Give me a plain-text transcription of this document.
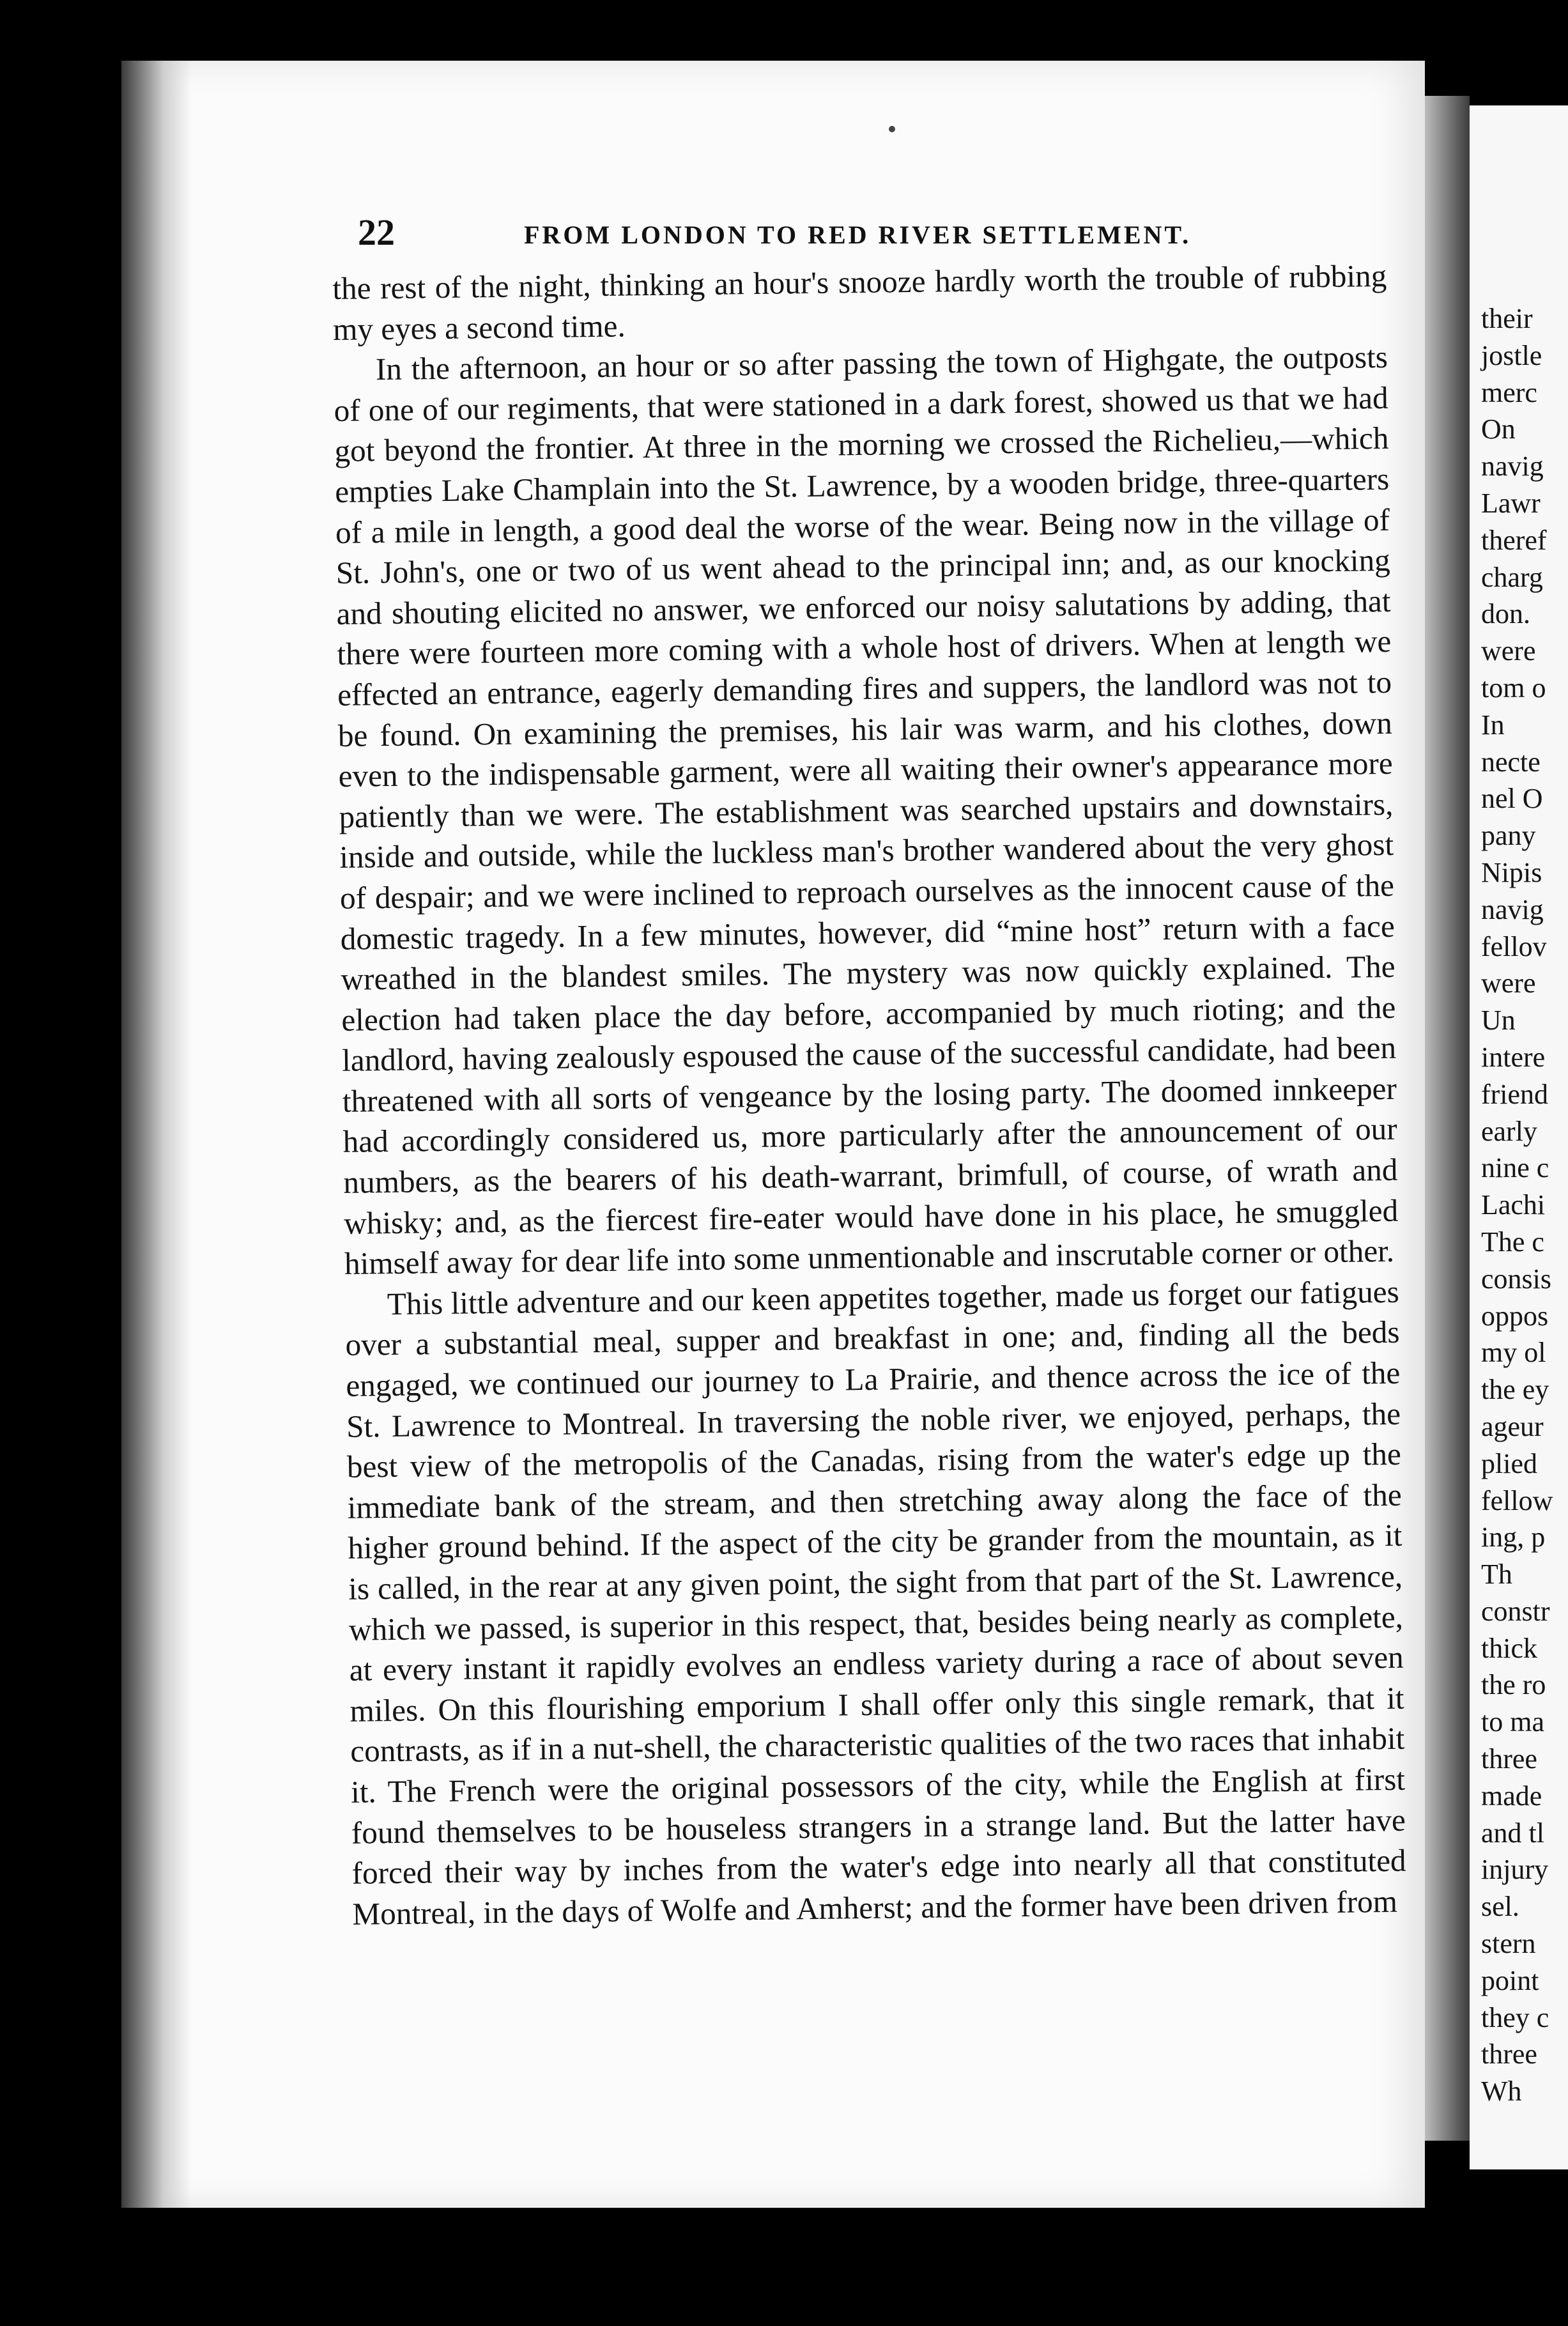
22	FROM LONDON TO RED RIVER SETTLEMENT.

the rest of the night, thinking an hour's snooze hardly worth the trouble of rubbing my eyes a second time.

In the afternoon, an hour or so after passing the town of Highgate, the outposts of one of our regiments, that were stationed in a dark forest, showed us that we had got beyond the frontier. At three in the morning we crossed the Richelieu,—which empties Lake Champlain into the St. Lawrence, by a wooden bridge, three-quarters of a mile in length, a good deal the worse of the wear. Being now in the village of St. John's, one or two of us went ahead to the principal inn; and, as our knocking and shouting elicited no answer, we enforced our noisy salutations by adding, that there were fourteen more coming with a whole host of drivers. When at length we effected an entrance, eagerly demanding fires and suppers, the landlord was not to be found. On examining the premises, his lair was warm, and his clothes, down even to the indispensable garment, were all waiting their owner's appearance more patiently than we were. The establishment was searched upstairs and downstairs, inside and outside, while the luckless man's brother wandered about the very ghost of despair; and we were inclined to reproach ourselves as the innocent cause of the domestic tragedy. In a few minutes, however, did “mine host” return with a face wreathed in the blandest smiles. The mystery was now quickly explained. The election had taken place the day before, accompanied by much rioting; and the landlord, having zealously espoused the cause of the successful candidate, had been threatened with all sorts of vengeance by the losing party. The doomed innkeeper had accordingly considered us, more particularly after the announcement of our numbers, as the bearers of his death-warrant, brimfull, of course, of wrath and whisky; and, as the fiercest fire-eater would have done in his place, he smuggled himself away for dear life into some unmentionable and inscrutable corner or other.

This little adventure and our keen appetites together, made us forget our fatigues over a substantial meal, supper and breakfast in one; and, finding all the beds engaged, we continued our journey to La Prairie, and thence across the ice of the St. Lawrence to Montreal. In traversing the noble river, we enjoyed, perhaps, the best view of the metropolis of the Canadas, rising from the water's edge up the immediate bank of the stream, and then stretching away along the face of the higher ground behind. If the aspect of the city be grander from the mountain, as it is called, in the rear at any given point, the sight from that part of the St. Lawrence, which we passed, is superior in this respect, that, besides being nearly as complete, at every instant it rapidly evolves an endless variety during a race of about seven miles. On this flourishing emporium I shall offer only this single remark, that it contrasts, as if in a nut-shell, the characteristic qualities of the two races that inhabit it. The French were the original possessors of the city, while the English at first found themselves to be houseless strangers in a strange land. But the latter have forced their way by inches from the water's edge into nearly all that constituted Montreal, in the days of Wolfe and Amherst; and the former have been driven from

their
jostle
merc
On
navig
Lawr
theref
charg
don.
were
tom o
In
necte
nel O
pany
Nipis
navig
fellov
were
Un
intere
friend
early
nine c
Lachi
The c
consis
oppos
my ol
the ey
ageur
plied
fellow
ing, p
Th
constr
thick
the ro
to ma
three
made
and tl
injury
sel.
stern
point
they c
three
Wh
